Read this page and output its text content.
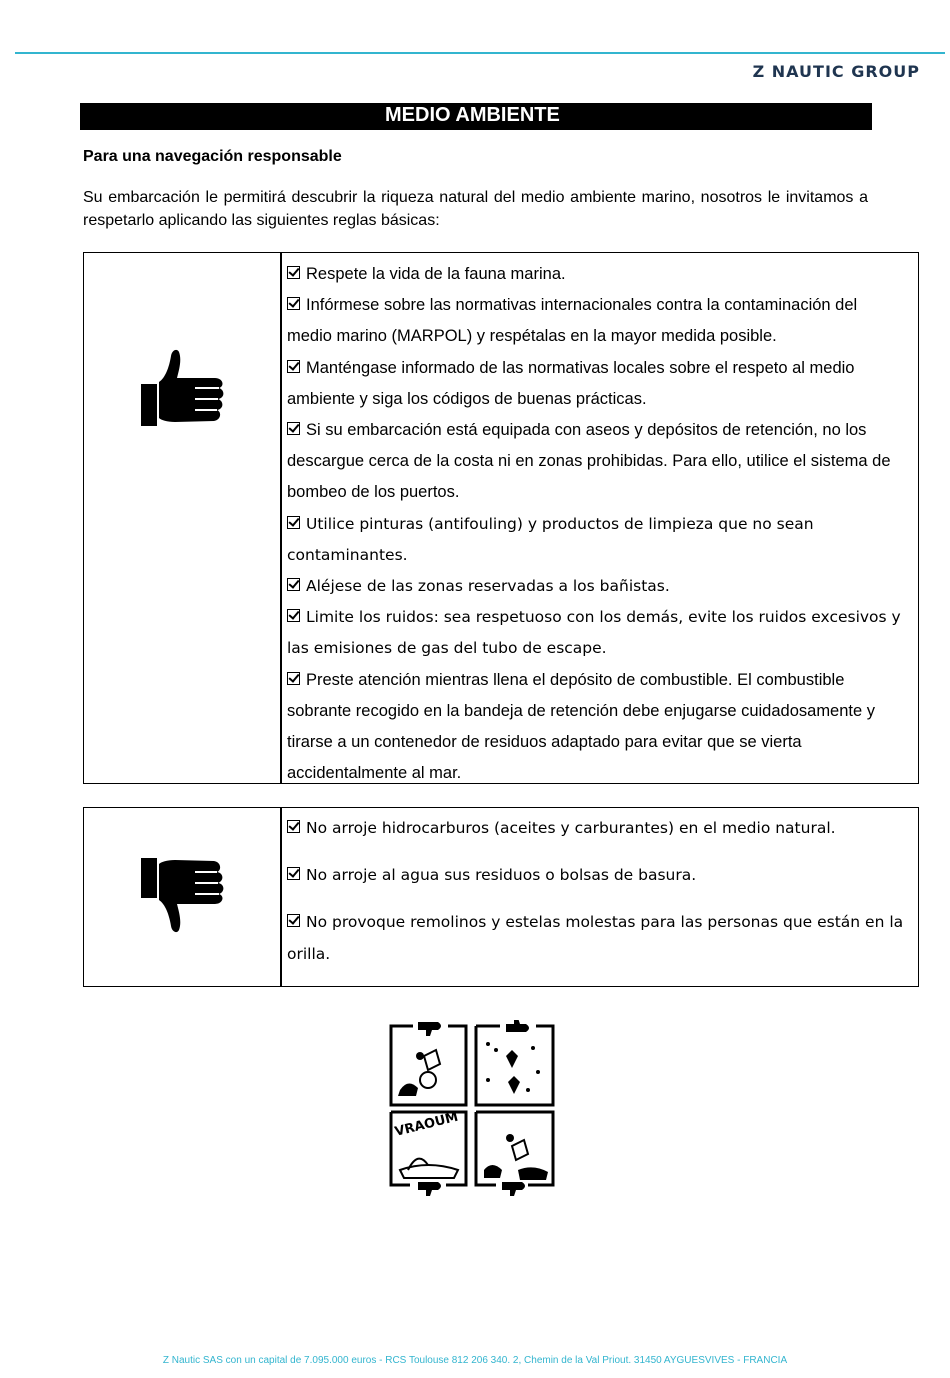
Z NAUTIC GROUP
MEDIO AMBIENTE
Para una navegación responsable
Su embarcación le permitirá descubrir la riqueza natural del medio ambiente marino, nosotros le invitamos a respetarlo aplicando las siguientes reglas básicas:

Respete la vida de la fauna marina.

Infórmese sobre las normativas internacionales contra la contaminación del medio marino (MARPOL) y respétalas en la mayor medida posible.

Manténgase informado de las normativas locales sobre el respeto al medio ambiente y siga los códigos de buenas prácticas.

Si su embarcación está equipada con aseos y depósitos de retención, no los descargue cerca de la costa ni en zonas prohibidas. Para ello, utilice el sistema de bombeo de los puertos.

Utilice pinturas (antifouling) y productos de limpieza que no sean contaminantes.

Aléjese de las zonas reservadas a los bañistas.

Limite los ruidos: sea respetuoso con los demás, evite los ruidos excesivos y las emisiones de gas del tubo de escape.

Preste atención mientras llena el depósito de combustible. El combustible sobrante recogido en la bandeja de retención debe enjugarse cuidadosamente y tirarse a un contenedor de residuos adaptado para evitar que se vierta accidentalmente al mar.

No arroje hidrocarburos (aceites y carburantes) en el medio natural.

No arroje al agua sus residuos o bolsas de basura.

No provoque remolinos y estelas molestas para las personas que están en la orilla.

VRAOUM
Z Nautic SAS con un capital de 7.095.000 euros - RCS Toulouse 812 206 340. 2, Chemin de la Val Priout. 31450 AYGUESVIVES - FRANCIA
